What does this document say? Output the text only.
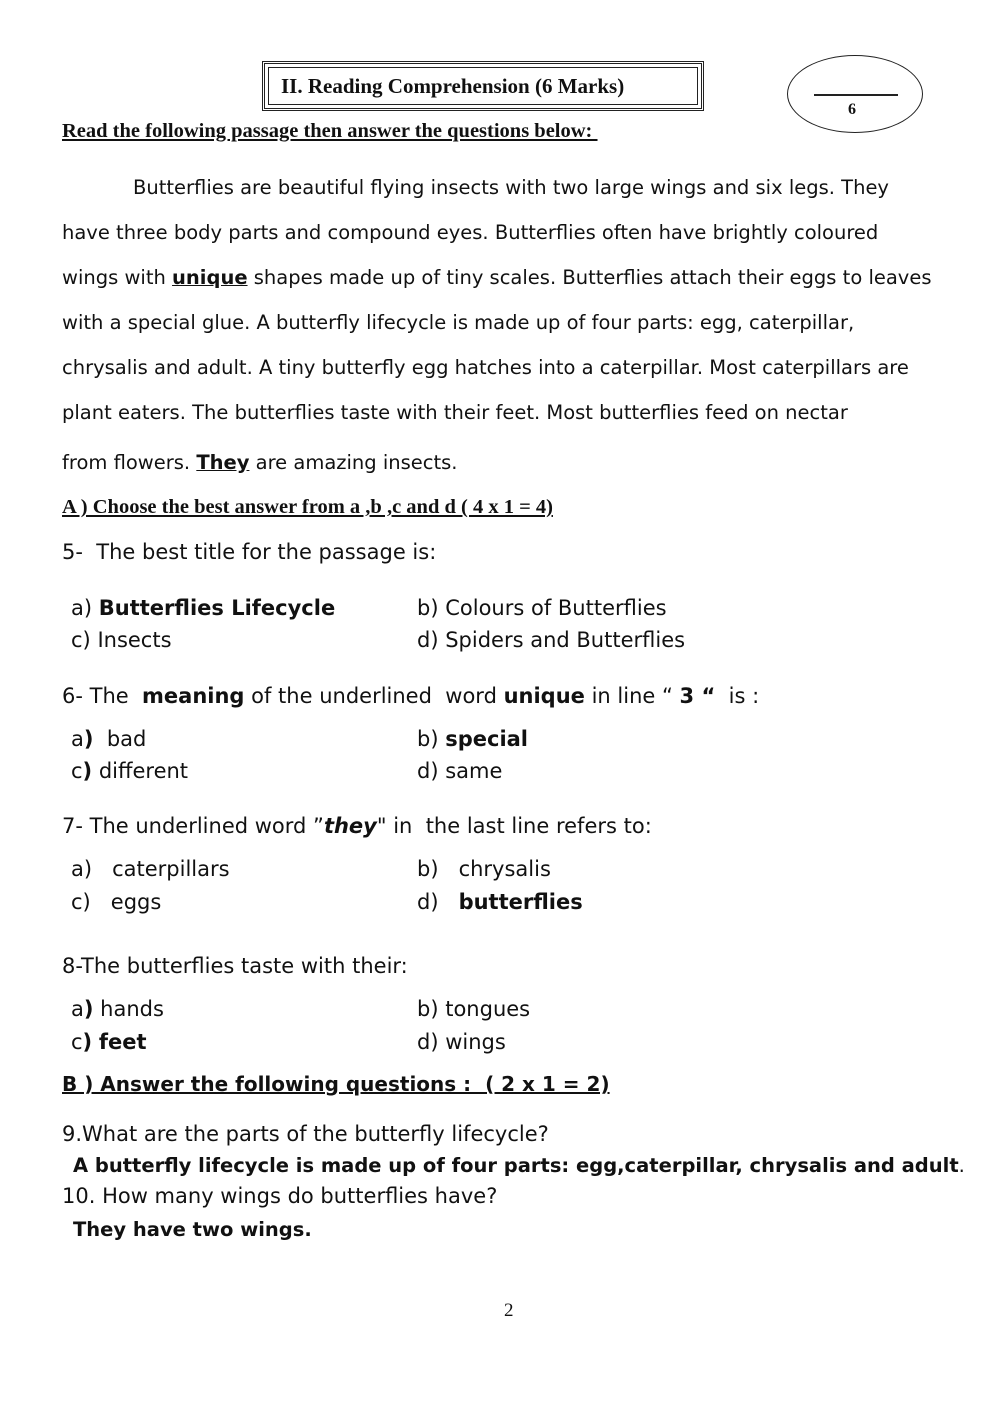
II. Reading Comprehension (6 Marks)
6
Read the following passage then answer the questions below:
Butterflies are beautiful flying insects with two large wings and six legs. They
have three body parts and compound eyes. Butterflies often have brightly coloured
wings with unique shapes made up of tiny scales. Butterflies attach their eggs to leaves
with a special glue. A butterfly lifecycle is made up of four parts: egg, caterpillar,
chrysalis and adult. A tiny butterfly egg hatches into a caterpillar. Most caterpillars are
plant eaters. The butterflies taste with their feet. Most butterflies feed on nectar
from flowers. They are amazing insects.
A ) Choose the best answer from a ,b ,c and d ( 4 x 1 = 4)
5-  The best title for the passage is:
a) Butterflies Lifecycle	b) Colours of Butterflies
c) Insects	d) Spiders and Butterflies
6- The  meaning of the underlined  word unique in line “ 3 “  is :
a) bad	b) special
c) different	d) same
7- The underlined word ”they" in  the last line refers to:
a) caterpillars	b) chrysalis
c) eggs	d) butterflies
8-The butterflies taste with their:
a) hands	b) tongues
c) feet	d) wings
B ) Answer the following questions :  ( 2 x 1 = 2)
9.What are the parts of the butterfly lifecycle?
A butterfly lifecycle is made up of four parts: egg,caterpillar, chrysalis and adult.
10. How many wings do butterflies have?
They have two wings.
2
